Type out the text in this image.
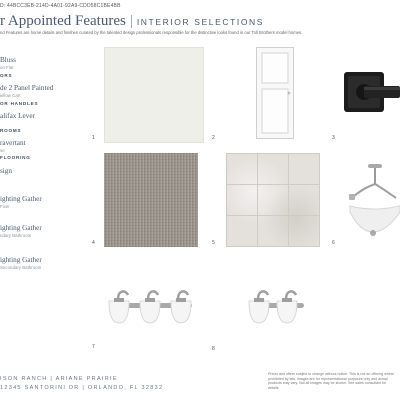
D: 44BCC3EB-214D-4A01-92A9-CDD58C1BE4BB
r Appointed Features | INTERIOR SELECTIONS
nd Features are home details and finishes curated by the talented design professionals responsible for the distinctive looks found in our Toll Brothers model homes.
Bluss
on Flat
ORS
de 2 Panel Painted
iellow Cart
OR HANDLES
alifax Lever
ROOMS
ravertant
se
FLOORING
sign
ighting Gather
Fixer
ighting Gather
ndary Bathroom
ighting Gather
Secondary Bathroom
1	2	3
4	5	6
7	8
ISON RANCH | ARIANE PRAIRIE
12345 SANTORINI DR | ORLANDO, FL 32832
Prices and offers subject to change without notice. This is not an offering where prohibited by law. Images are for representational purposes only and actual products may vary. Not all images may be shown. See sales consultant for details.
